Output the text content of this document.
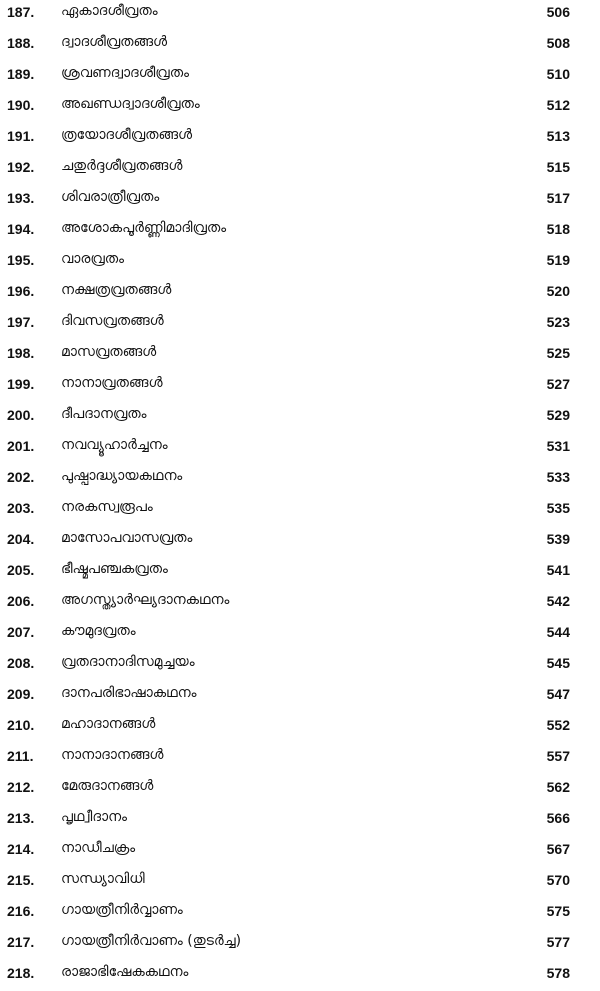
187. ഏകാദശീവ്രതം	506
188. ദ്വാദശീവ്രതങ്ങൾ	508
189. ശ്രവണദ്വാദശീവ്രതം	510
190. അഖണ്ഡദ്വാദശീവ്രതം	512
191. ത്രയോദശീവ്രതങ്ങൾ	513
192. ചതുർദ്ദശീവ്രതങ്ങൾ	515
193. ശിവരാത്രീവ്രതം	517
194. അശോകപൂർണ്ണിമാദിവ്രതം	518
195. വാരവ്രതം	519
196. നക്ഷത്രവ്രതങ്ങൾ	520
197. ദിവസവ്രതങ്ങൾ	523
198. മാസവ്രതങ്ങൾ	525
199. നാനാവ്രതങ്ങൾ	527
200. ദീപദാനവ്രതം	529
201. നവവ്യൂഹാർച്ചനം	531
202. പുഷ്പാദ്ധ്യായകഥനം	533
203. നരകസ്വരൂപം	535
204. മാസോപവാസവ്രതം	539
205. ഭീഷ്മപഞ്ചകവ്രതം	541
206. അഗസ്ത്യാർഘ്യദാനകഥനം	542
207. കൗമുദവ്രതം	544
208. വ്രതദാനാദിസമുച്ചയം	545
209. ദാനപരിഭാഷാകഥനം	547
210. മഹാദാനങ്ങൾ	552
211. നാനാദാനങ്ങൾ	557
212. മേരുദാനങ്ങൾ	562
213. പൃഥ്വീദാനം	566
214. നാഡീചക്രം	567
215. സന്ധ്യാവിധി	570
216. ഗായത്രീനിർവ്വാണം	575
217. ഗായത്രീനിർവാണം (തുടർച്ച)	577
218. രാജാഭിഷേകകഥനം	578
